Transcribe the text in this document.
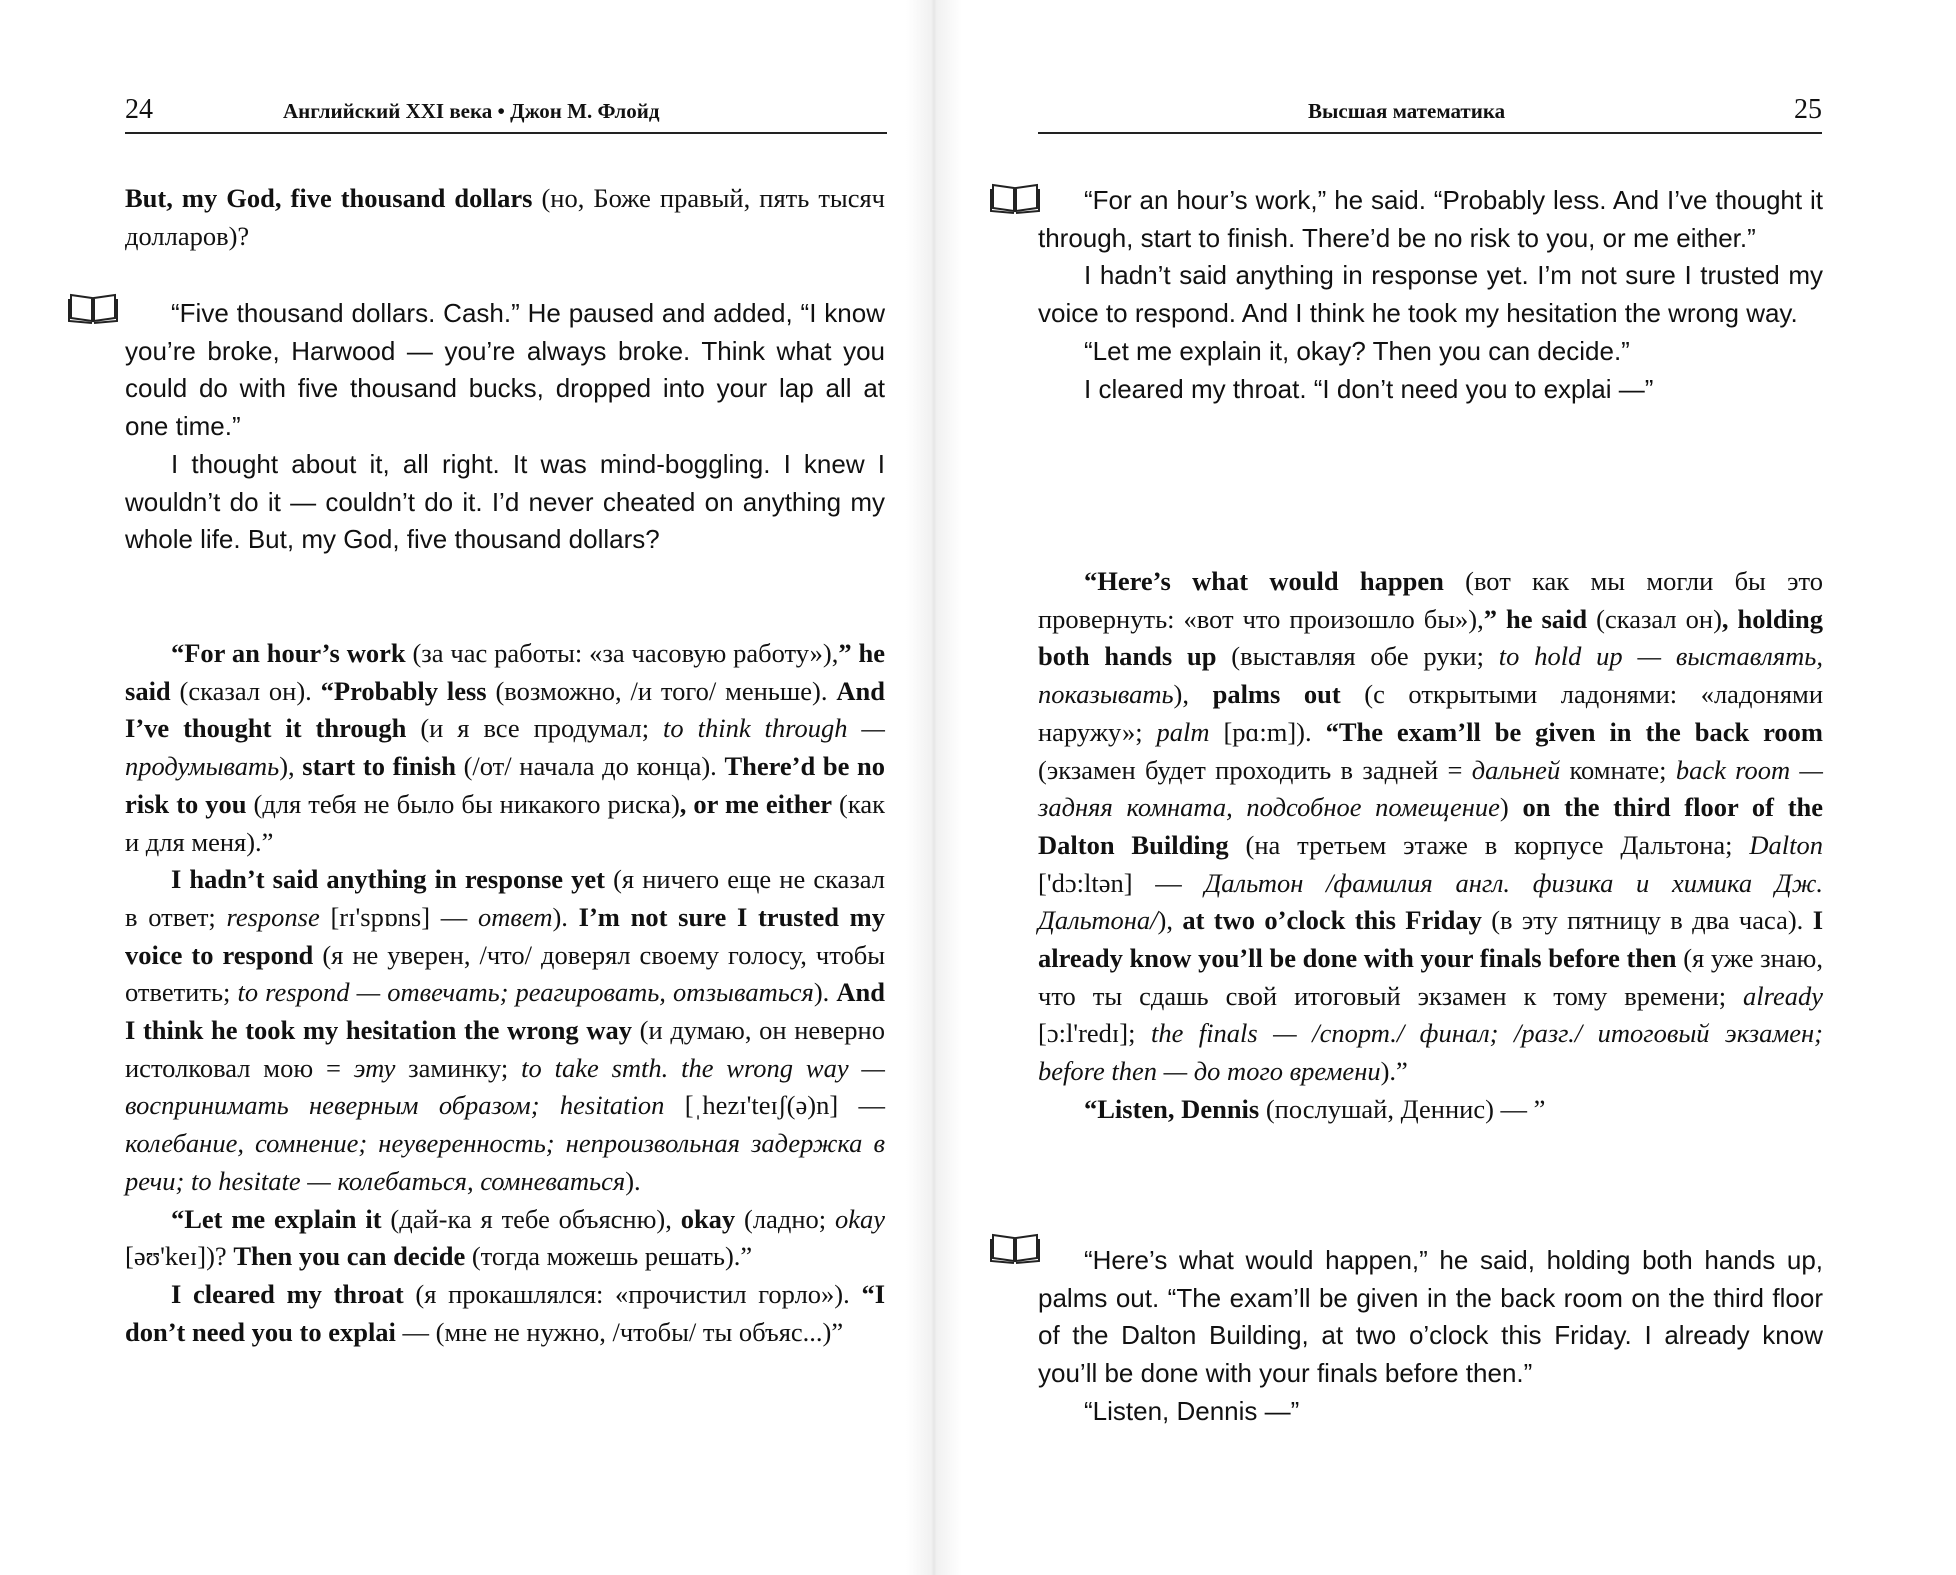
24	Английский XXI века • Джон М. Флойд

But, my God, five thousand dollars (но, Боже правый, пять тысяч долларов)?

“Five thousand dollars. Cash.” He paused and added, “I know you’re broke, Harwood — you’re always broke. Think what you could do with five thousand bucks, dropped into your lap all at one time.”

I thought about it, all right. It was mind-boggling. I knew I wouldn’t do it — couldn’t do it. I’d never cheated on anything my whole life. But, my God, five thousand dollars?

“For an hour’s work (за час работы: «за часовую работу»),” he said (сказал он). “Probably less (возможно, /и того/ меньше). And I’ve thought it through (и я все продумал; to think through — продумывать), start to finish (/от/ начала до конца). There’d be no risk to you (для тебя не было бы никакого риска), or me either (как и для меня).”

I hadn’t said anything in response yet (я ничего еще не сказал в ответ; response [rɪ'spɒns] — ответ). I’m not sure I trusted my voice to respond (я не уверен, /что/ доверял своему голосу, чтобы ответить; to respond — отвечать; реагировать, отзываться). And I think he took my hesitation the wrong way (и думаю, он неверно истолковал мою = эту заминку; to take smth. the wrong way — воспринимать неверным образом; hesitation [ˌhezɪ'teɪʃ(ə)n] — колебание, сомнение; неуверенность; непроизвольная задержка в речи; to hesitate — колебаться, сомневаться).

“Let me explain it (дай-ка я тебе объясню), okay (ладно; okay [əʊ'keɪ])? Then you can decide (тогда можешь решать).”

I cleared my throat (я прокашлялся: «прочистил горло»). “I don’t need you to explai — (мне не нужно, /чтобы/ ты объяс...)”

Высшая математика	25

“For an hour’s work,” he said. “Probably less. And I’ve thought it through, start to finish. There’d be no risk to you, or me either.”

I hadn’t said anything in response yet. I’m not sure I trusted my voice to respond. And I think he took my hesitation the wrong way.

“Let me explain it, okay? Then you can decide.”

I cleared my throat. “I don’t need you to explai —”

“Here’s what would happen (вот как мы могли бы это провернуть: «вот что произошло бы»),” he said (сказал он), holding both hands up (выставляя обе руки; to hold up — выставлять, показывать), palms out (с открытыми ладонями: «ладонями наружу»; palm [pɑ:m]). “The exam’ll be given in the back room (экзамен будет проходить в задней = дальней комнате; back room — задняя комната, подсобное помещение) on the third floor of the Dalton Building (на третьем этаже в корпусе Дальтона; Dalton ['dɔ:ltən] — Дальтон /фамилия англ. физика и химика Дж. Дальтона/), at two o’clock this Friday (в эту пятницу в два часа). I already know you’ll be done with your finals before then (я уже знаю, что ты сдашь свой итоговый экзамен к тому времени; already [ɔ:l'redɪ]; the finals — /спорт./ финал; /разг./ итоговый экзамен; before then — до того времени).”

“Listen, Dennis (послушай, Деннис) — ”

“Here’s what would happen,” he said, holding both hands up, palms out. “The exam’ll be given in the back room on the third floor of the Dalton Building, at two o’clock this Friday. I already know you’ll be done with your finals before then.”

“Listen, Dennis —”
